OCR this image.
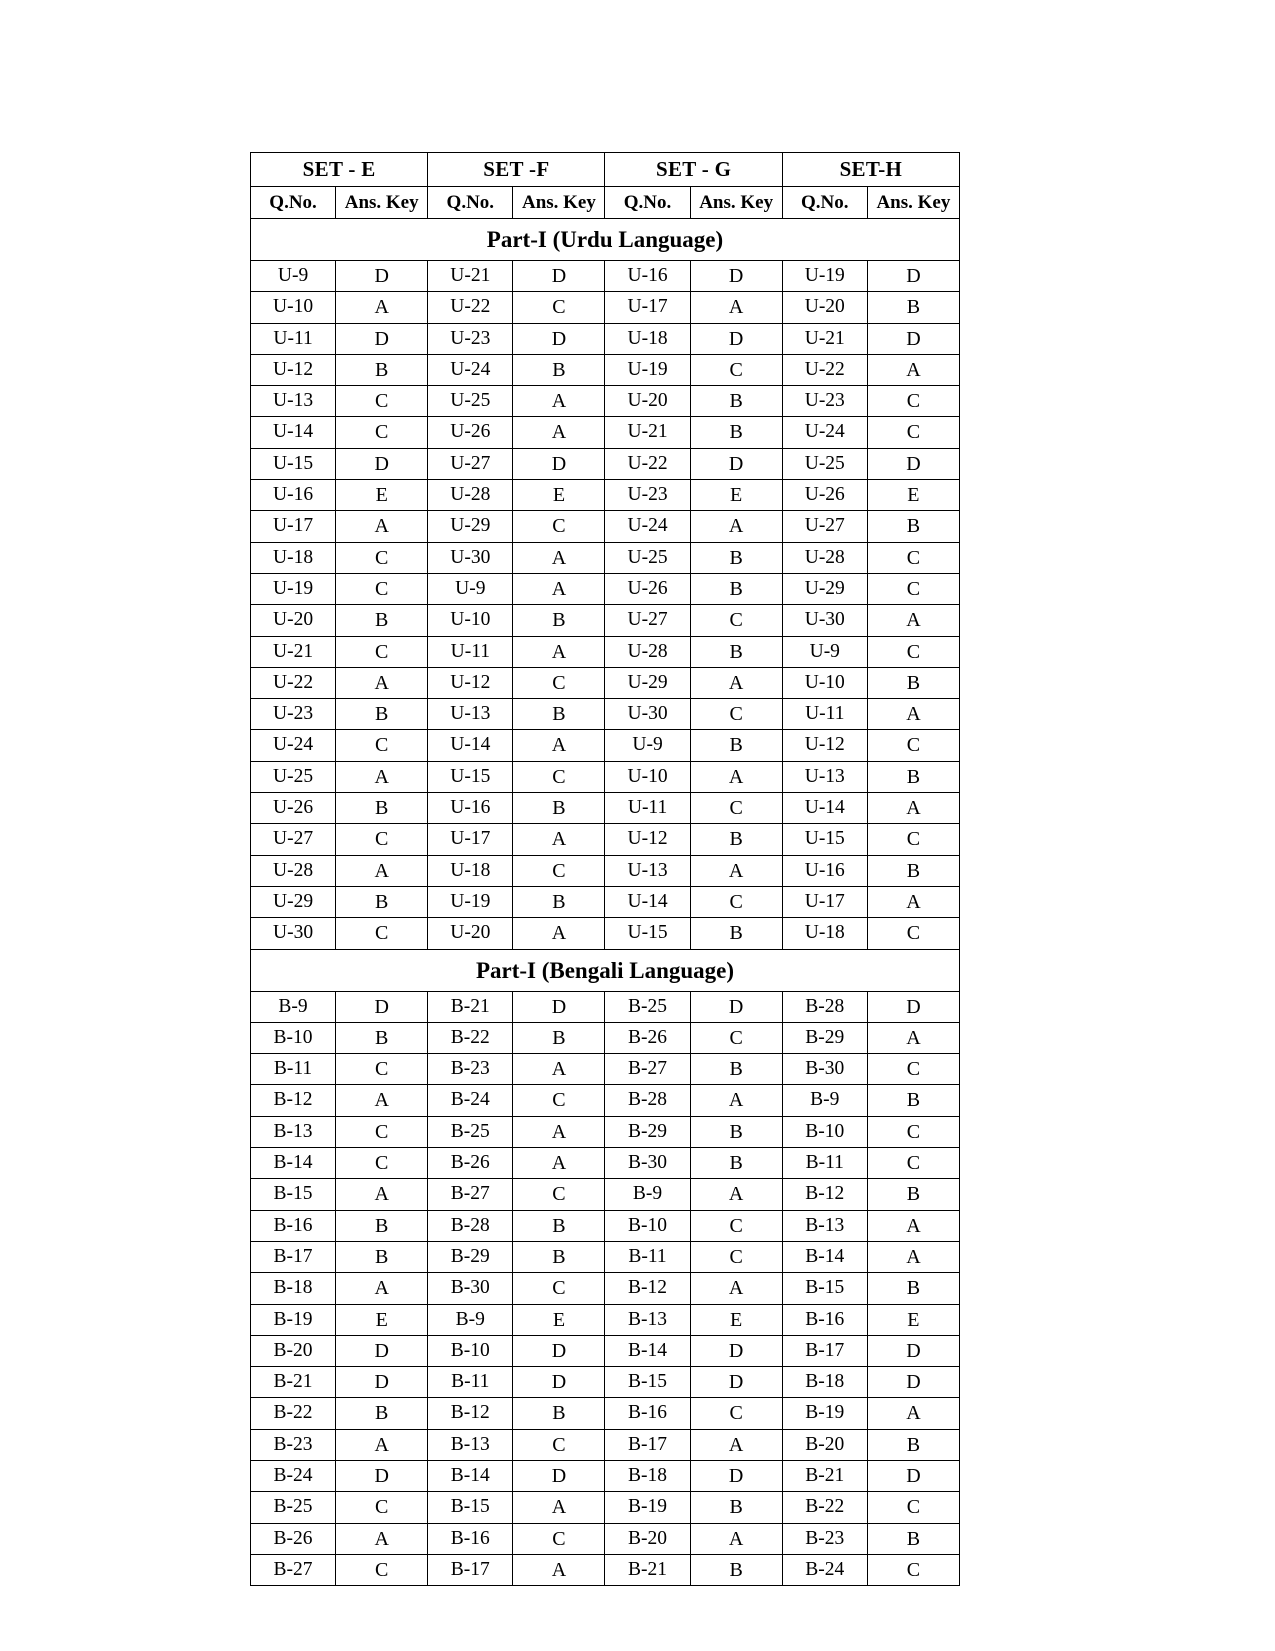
SET - E		SET -F		SET - G		SET-H	
Q.No.	Ans. Key	Q.No.	Ans. Key	Q.No.	Ans. Key	Q.No.	Ans. Key
Part-I (Urdu Language)							
U-9	D	U-21	D	U-16	D	U-19	D
U-10	A	U-22	C	U-17	A	U-20	B
U-11	D	U-23	D	U-18	D	U-21	D
U-12	B	U-24	B	U-19	C	U-22	A
U-13	C	U-25	A	U-20	B	U-23	C
U-14	C	U-26	A	U-21	B	U-24	C
U-15	D	U-27	D	U-22	D	U-25	D
U-16	E	U-28	E	U-23	E	U-26	E
U-17	A	U-29	C	U-24	A	U-27	B
U-18	C	U-30	A	U-25	B	U-28	C
U-19	C	U-9	A	U-26	B	U-29	C
U-20	B	U-10	B	U-27	C	U-30	A
U-21	C	U-11	A	U-28	B	U-9	C
U-22	A	U-12	C	U-29	A	U-10	B
U-23	B	U-13	B	U-30	C	U-11	A
U-24	C	U-14	A	U-9	B	U-12	C
U-25	A	U-15	C	U-10	A	U-13	B
U-26	B	U-16	B	U-11	C	U-14	A
U-27	C	U-17	A	U-12	B	U-15	C
U-28	A	U-18	C	U-13	A	U-16	B
U-29	B	U-19	B	U-14	C	U-17	A
U-30	C	U-20	A	U-15	B	U-18	C
Part-I (Bengali Language)							
B-9	D	B-21	D	B-25	D	B-28	D
B-10	B	B-22	B	B-26	C	B-29	A
B-11	C	B-23	A	B-27	B	B-30	C
B-12	A	B-24	C	B-28	A	B-9	B
B-13	C	B-25	A	B-29	B	B-10	C
B-14	C	B-26	A	B-30	B	B-11	C
B-15	A	B-27	C	B-9	A	B-12	B
B-16	B	B-28	B	B-10	C	B-13	A
B-17	B	B-29	B	B-11	C	B-14	A
B-18	A	B-30	C	B-12	A	B-15	B
B-19	E	B-9	E	B-13	E	B-16	E
B-20	D	B-10	D	B-14	D	B-17	D
B-21	D	B-11	D	B-15	D	B-18	D
B-22	B	B-12	B	B-16	C	B-19	A
B-23	A	B-13	C	B-17	A	B-20	B
B-24	D	B-14	D	B-18	D	B-21	D
B-25	C	B-15	A	B-19	B	B-22	C
B-26	A	B-16	C	B-20	A	B-23	B
B-27	C	B-17	A	B-21	B	B-24	C
